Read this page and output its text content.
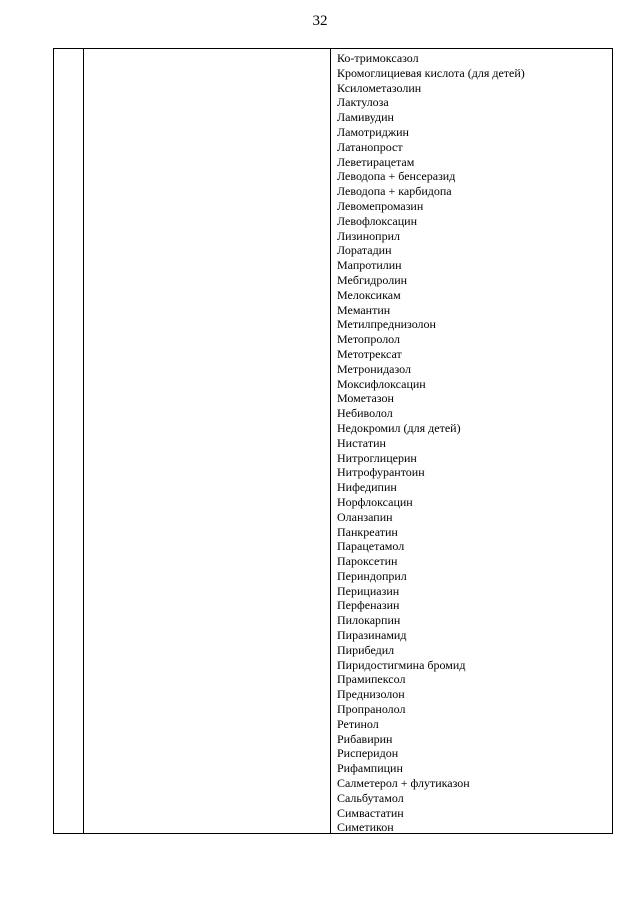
32
Ко-тримоксазол
Кромоглициевая кислота (для детей)
Ксилометазолин
Лактулоза
Ламивудин
Ламотриджин
Латанопрост
Леветирацетам
Леводопа + бенсеразид
Леводопа + карбидопа
Левомепромазин
Левофлоксацин
Лизиноприл
Лоратадин
Мапротилин
Мебгидролин
Мелоксикам
Мемантин
Метилпреднизолон
Метопролол
Метотрексат
Метронидазол
Моксифлоксацин
Мометазон
Небиволол
Недокромил (для детей)
Нистатин
Нитроглицерин
Нитрофурантоин
Нифедипин
Норфлоксацин
Оланзапин
Панкреатин
Парацетамол
Пароксетин
Периндоприл
Перициазин
Перфеназин
Пилокарпин
Пиразинамид
Пирибедил
Пиридостигмина бромид
Прамипексол
Преднизолон
Пропранолол
Ретинол
Рибавирин
Рисперидон
Рифампицин
Салметерол + флутиказон
Сальбутамол
Симвастатин
Симетикон
